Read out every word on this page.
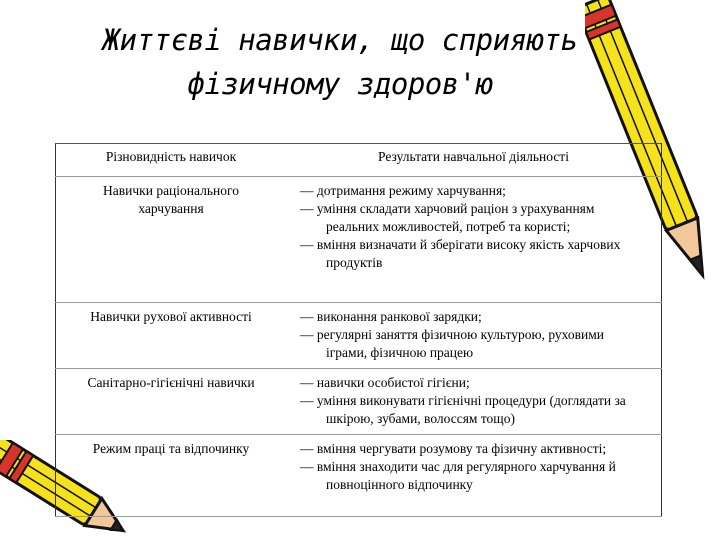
Життєві навички, що сприяють
фізичному здоров'ю
Різновидність навичок	Результати навчальної діяльності
Навички раціонального харчування	— дотримання режиму харчування;
— уміння складати харчовий раціон з урахуванням реальних можливостей, потреб та користі;
— вміння визначати й зберігати високу якість харчових продуктів

Навички рухової активності	— виконання ранкової зарядки;
— регулярні заняття фізичною культурою, руховими іграми, фізичною працею

Санітарно-гігієнічні навички	— навички особистої гігієни;
— уміння виконувати гігієнічні процедури (доглядати за шкірою, зубами, волоссям тощо)

Режим праці та відпочинку	— вміння чергувати розумову та фізичну активності;
— вміння знаходити час для регулярного харчування й повноцінного відпочинку
